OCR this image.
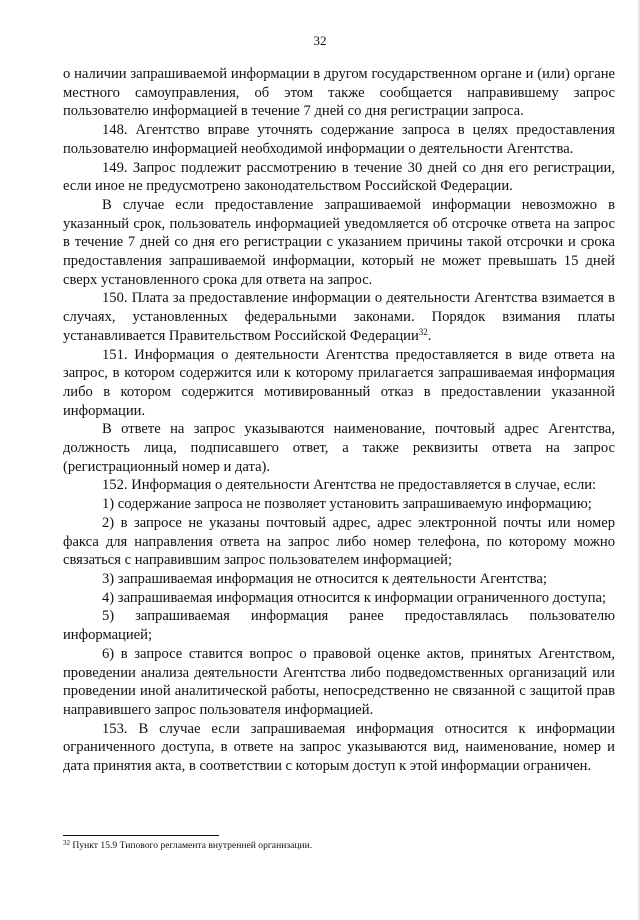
32

о наличии запрашиваемой информации в другом государственном органе и (или) органе местного самоуправления, об этом также сообщается направившему запрос пользователю информацией в течение 7 дней со дня регистрации запроса.

148. Агентство вправе уточнять содержание запроса в целях предоставления пользователю информацией необходимой информации о деятельности Агентства.

149. Запрос подлежит рассмотрению в течение 30 дней со дня его регистрации, если иное не предусмотрено законодательством Российской Федерации.

В случае если предоставление запрашиваемой информации невозможно в указанный срок, пользователь информацией уведомляется об отсрочке ответа на запрос в течение 7 дней со дня его регистрации с указанием причины такой отсрочки и срока предоставления запрашиваемой информации, который не может превышать 15 дней сверх установленного срока для ответа на запрос.

150. Плата за предоставление информации о деятельности Агентства взимается в случаях, установленных федеральными законами. Порядок взимания платы устанавливается Правительством Российской Федерации$^{32}$.

151. Информация о деятельности Агентства предоставляется в виде ответа на запрос, в котором содержится или к которому прилагается запрашиваемая информация либо в котором содержится мотивированный отказ в предоставлении указанной информации.

В ответе на запрос указываются наименование, почтовый адрес Агентства, должность лица, подписавшего ответ, а также реквизиты ответа на запрос (регистрационный номер и дата).

152. Информация о деятельности Агентства не предоставляется в случае, если:

1) содержание запроса не позволяет установить запрашиваемую информацию;

2) в запросе не указаны почтовый адрес, адрес электронной почты или номер факса для направления ответа на запрос либо номер телефона, по которому можно связаться с направившим запрос пользователем информацией;

3) запрашиваемая информация не относится к деятельности Агентства;

4) запрашиваемая информация относится к информации ограниченного доступа;

5) запрашиваемая информация ранее предоставлялась пользователю информацией;

6) в запросе ставится вопрос о правовой оценке актов, принятых Агентством, проведении анализа деятельности Агентства либо подведомственных организаций или проведении иной аналитической работы, непосредственно не связанной с защитой прав направившего запрос пользователя информацией.

153. В случае если запрашиваемая информация относится к информации ограниченного доступа, в ответе на запрос указываются вид, наименование, номер и дата принятия акта, в соответствии с которым доступ к этой информации ограничен.

$^{32}$ Пункт 15.9 Типового регламента внутренней организации.
